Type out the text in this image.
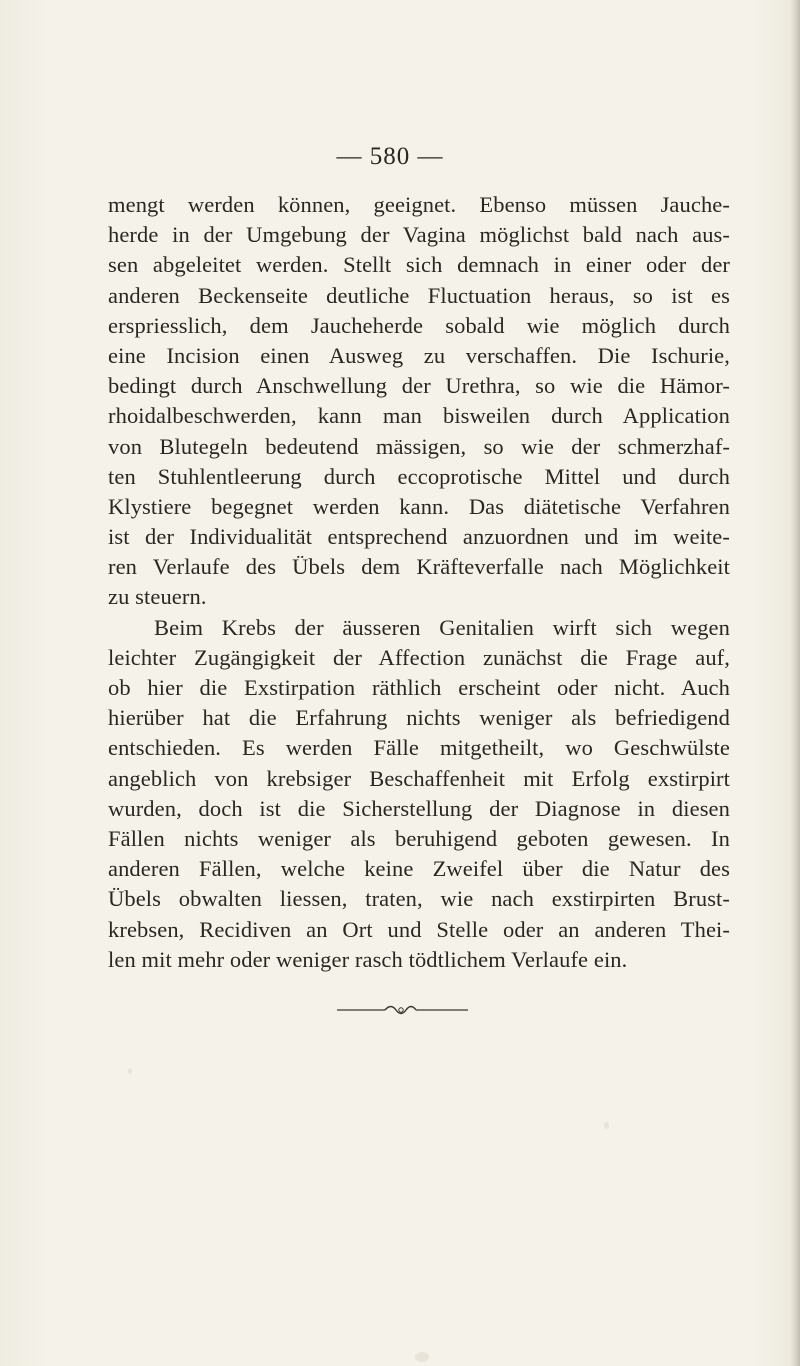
— 580 —
mengt werden können, geeignet. Ebenso müssen Jauche-
herde in der Umgebung der Vagina möglichst bald nach aus-
sen abgeleitet werden. Stellt sich demnach in einer oder der
anderen Beckenseite deutliche Fluctuation heraus, so ist es
erspriesslich, dem Jaucheherde sobald wie möglich durch
eine Incision einen Ausweg zu verschaffen. Die Ischurie,
bedingt durch Anschwellung der Urethra, so wie die Hämor-
rhoidalbeschwerden, kann man bisweilen durch Application
von Blutegeln bedeutend mässigen, so wie der schmerzhaf-
ten Stuhlentleerung durch eccoprotische Mittel und durch
Klystiere begegnet werden kann. Das diätetische Verfahren
ist der Individualität entsprechend anzuordnen und im weite-
ren Verlaufe des Übels dem Kräfteverfalle nach Möglichkeit
zu steuern.
Beim Krebs der äusseren Genitalien wirft sich wegen
leichter Zugängigkeit der Affection zunächst die Frage auf,
ob hier die Exstirpation räthlich erscheint oder nicht. Auch
hierüber hat die Erfahrung nichts weniger als befriedigend
entschieden. Es werden Fälle mitgetheilt, wo Geschwülste
angeblich von krebsiger Beschaffenheit mit Erfolg exstirpirt
wurden, doch ist die Sicherstellung der Diagnose in diesen
Fällen nichts weniger als beruhigend geboten gewesen. In
anderen Fällen, welche keine Zweifel über die Natur des
Übels obwalten liessen, traten, wie nach exstirpirten Brust-
krebsen, Recidiven an Ort und Stelle oder an anderen Thei-
len mit mehr oder weniger rasch tödtlichem Verlaufe ein.
